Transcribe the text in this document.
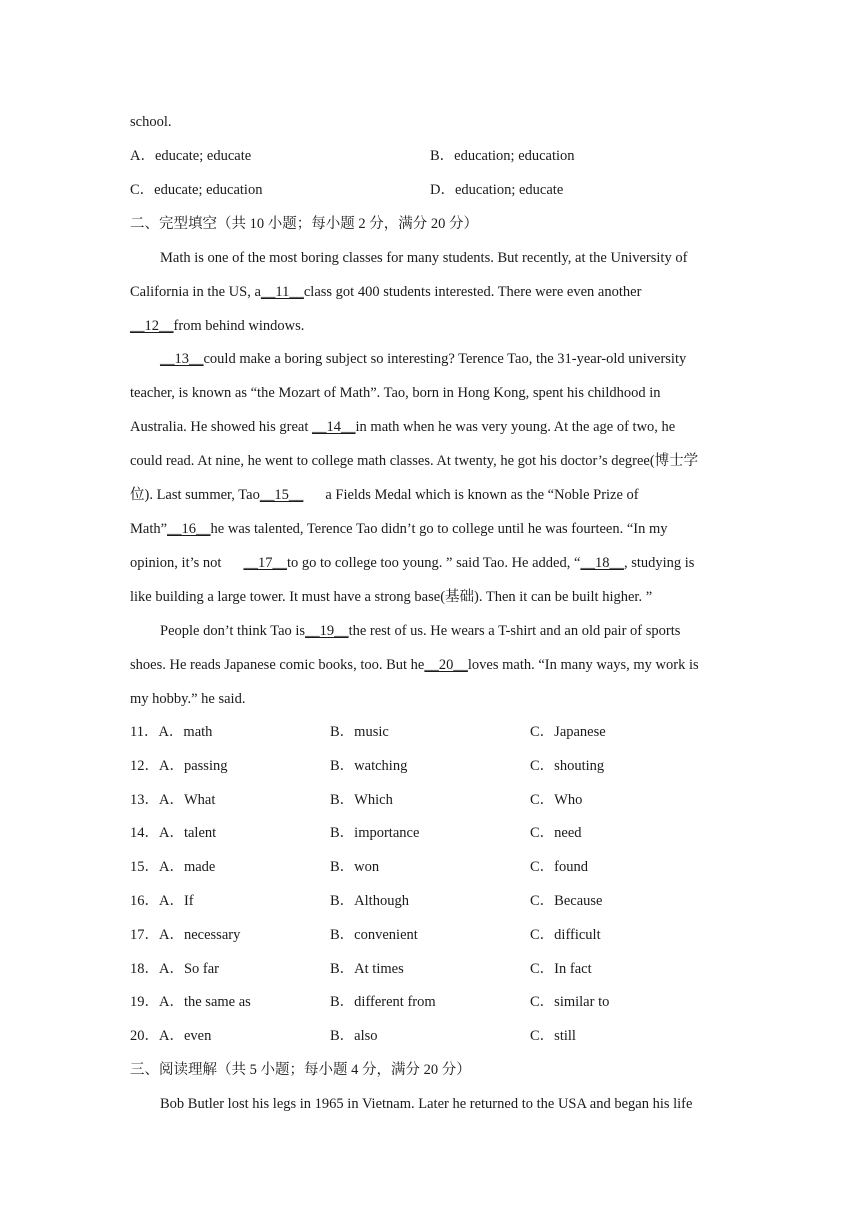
school.
A．educate; educate	B．education; education
C．educate; education	D．education; educate
二、完型填空（共 10 小题；每小题 2 分，满分 20 分）
Math is one of the most boring classes for many students. But recently, at the University of
California in the US, a__11__class got 400 students interested. There were even another
__12__from behind windows.
__13__could make a boring subject so interesting? Terence Tao, the 31-year-old university
teacher, is known as “the Mozart of Math”. Tao, born in Hong Kong, spent his childhood in
Australia. He showed his great __14__in math when he was very young. At the age of two, he
could read. At nine, he went to college math classes. At twenty, he got his doctor’s degree(博士学
位). Last summer, Tao__15__ a Fields Medal which is known as the “Noble Prize of
Math”__16__he was talented, Terence Tao didn’t go to college until he was fourteen. “In my
opinion, it’s not __17__to go to college too young. ” said Tao. He added, “__18__, studying is
like building a large tower. It must have a strong base(基础). Then it can be built higher. ”
People don’t think Tao is__19__the rest of us. He wears a T-shirt and an old pair of sports
shoes. He reads Japanese comic books, too. But he__20__loves math. “In many ways, my work is
my hobby.” he said.
11．A．math	B．music	C．Japanese
12．A．passing	B．watching	C．shouting
13．A．What	B．Which	C．Who
14．A．talent	B．importance	C．need
15．A．made	B．won	C．found
16．A．If	B．Although	C．Because
17．A．necessary	B．convenient	C．difficult
18．A．So far	B．At times	C．In fact
19．A．the same as	B．different from	C．similar to
20．A．even	B．also	C．still
三、阅读理解（共 5 小题；每小题 4 分，满分 20 分）
Bob Butler lost his legs in 1965 in Vietnam. Later he returned to the USA and began his life
